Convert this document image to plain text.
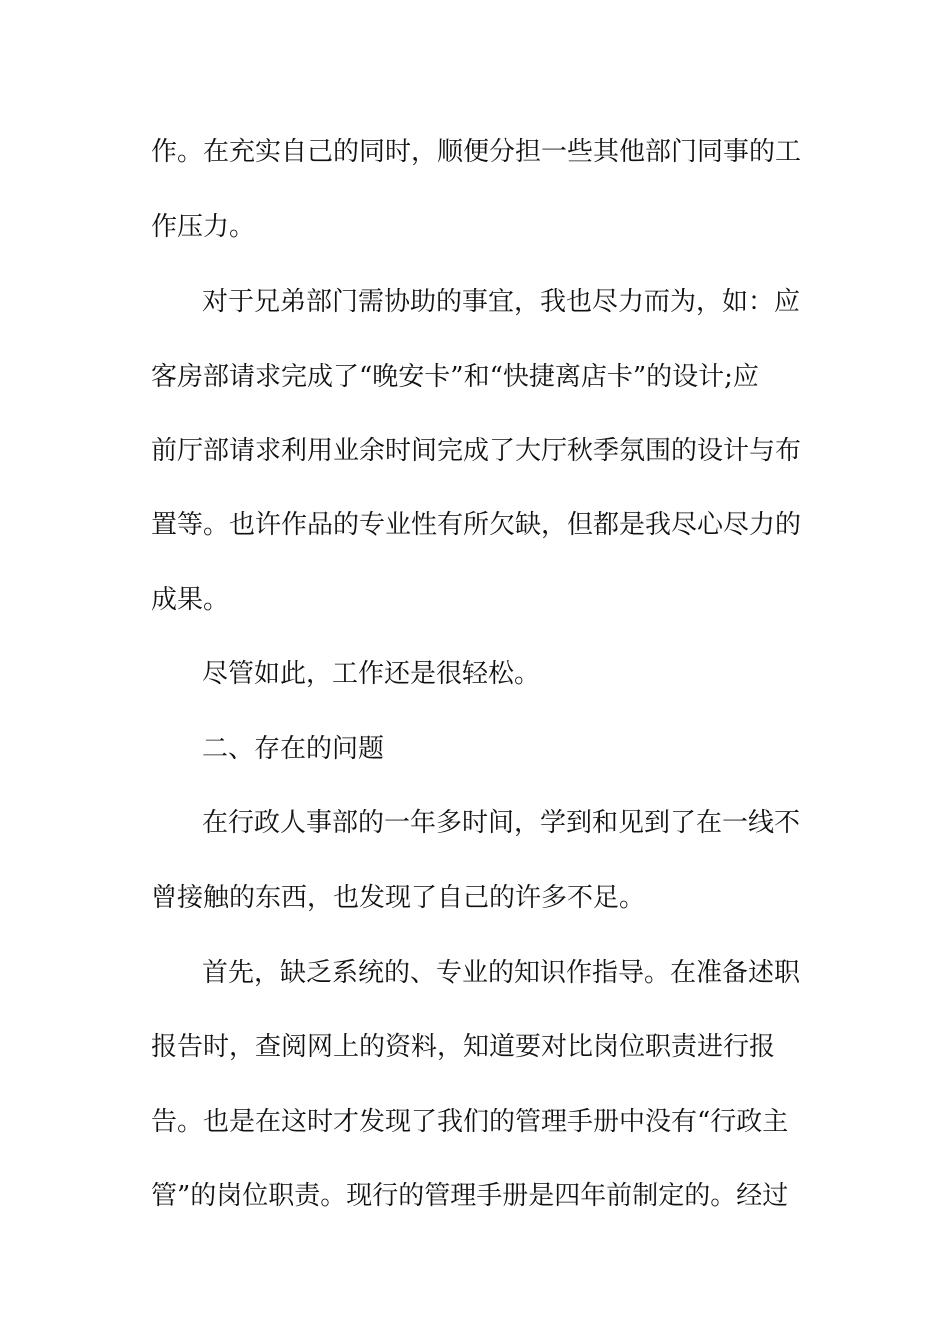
作。在充实自己的同时，顺便分担一些其他部门同事的工
作压力。
对于兄弟部门需协助的事宜，我也尽力而为，如：应
客房部请求完成了“晚安卡”和“快捷离店卡”的设计;应
前厅部请求利用业余时间完成了大厅秋季氛围的设计与布
置等。也许作品的专业性有所欠缺，但都是我尽心尽力的
成果。
尽管如此，工作还是很轻松。
二、存在的问题
在行政人事部的一年多时间，学到和见到了在一线不
曾接触的东西，也发现了自己的许多不足。
首先，缺乏系统的、专业的知识作指导。在准备述职
报告时，查阅网上的资料，知道要对比岗位职责进行报
告。也是在这时才发现了我们的管理手册中没有“行政主
管”的岗位职责。现行的管理手册是四年前制定的。经过
